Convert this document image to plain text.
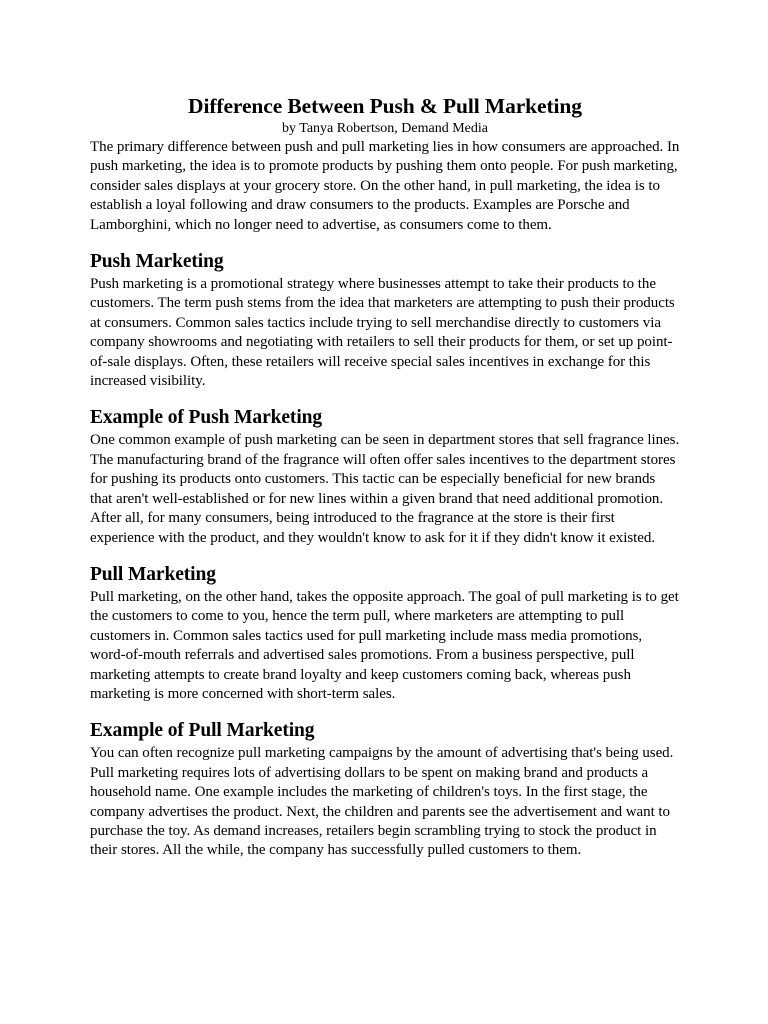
Difference Between Push & Pull Marketing

by Tanya Robertson, Demand Media

The primary difference between push and pull marketing lies in how consumers are approached. In push marketing, the idea is to promote products by pushing them onto people. For push marketing, consider sales displays at your grocery store. On the other hand, in pull marketing, the idea is to establish a loyal following and draw consumers to the products. Examples are Porsche and Lamborghini, which no longer need to advertise, as consumers come to them.

Push Marketing

Push marketing is a promotional strategy where businesses attempt to take their products to the customers. The term push stems from the idea that marketers are attempting to push their products at consumers. Common sales tactics include trying to sell merchandise directly to customers via company showrooms and negotiating with retailers to sell their products for them, or set up point-of-sale displays. Often, these retailers will receive special sales incentives in exchange for this increased visibility.

Example of Push Marketing

One common example of push marketing can be seen in department stores that sell fragrance lines. The manufacturing brand of the fragrance will often offer sales incentives to the department stores for pushing its products onto customers. This tactic can be especially beneficial for new brands that aren't well-established or for new lines within a given brand that need additional promotion. After all, for many consumers, being introduced to the fragrance at the store is their first experience with the product, and they wouldn't know to ask for it if they didn't know it existed.

Pull Marketing

Pull marketing, on the other hand, takes the opposite approach. The goal of pull marketing is to get the customers to come to you, hence the term pull, where marketers are attempting to pull customers in. Common sales tactics used for pull marketing include mass media promotions, word-of-mouth referrals and advertised sales promotions. From a business perspective, pull marketing attempts to create brand loyalty and keep customers coming back, whereas push marketing is more concerned with short-term sales.

Example of Pull Marketing

You can often recognize pull marketing campaigns by the amount of advertising that's being used. Pull marketing requires lots of advertising dollars to be spent on making brand and products a household name. One example includes the marketing of children's toys. In the first stage, the company advertises the product. Next, the children and parents see the advertisement and want to purchase the toy. As demand increases, retailers begin scrambling trying to stock the product in their stores. All the while, the company has successfully pulled customers to them.
